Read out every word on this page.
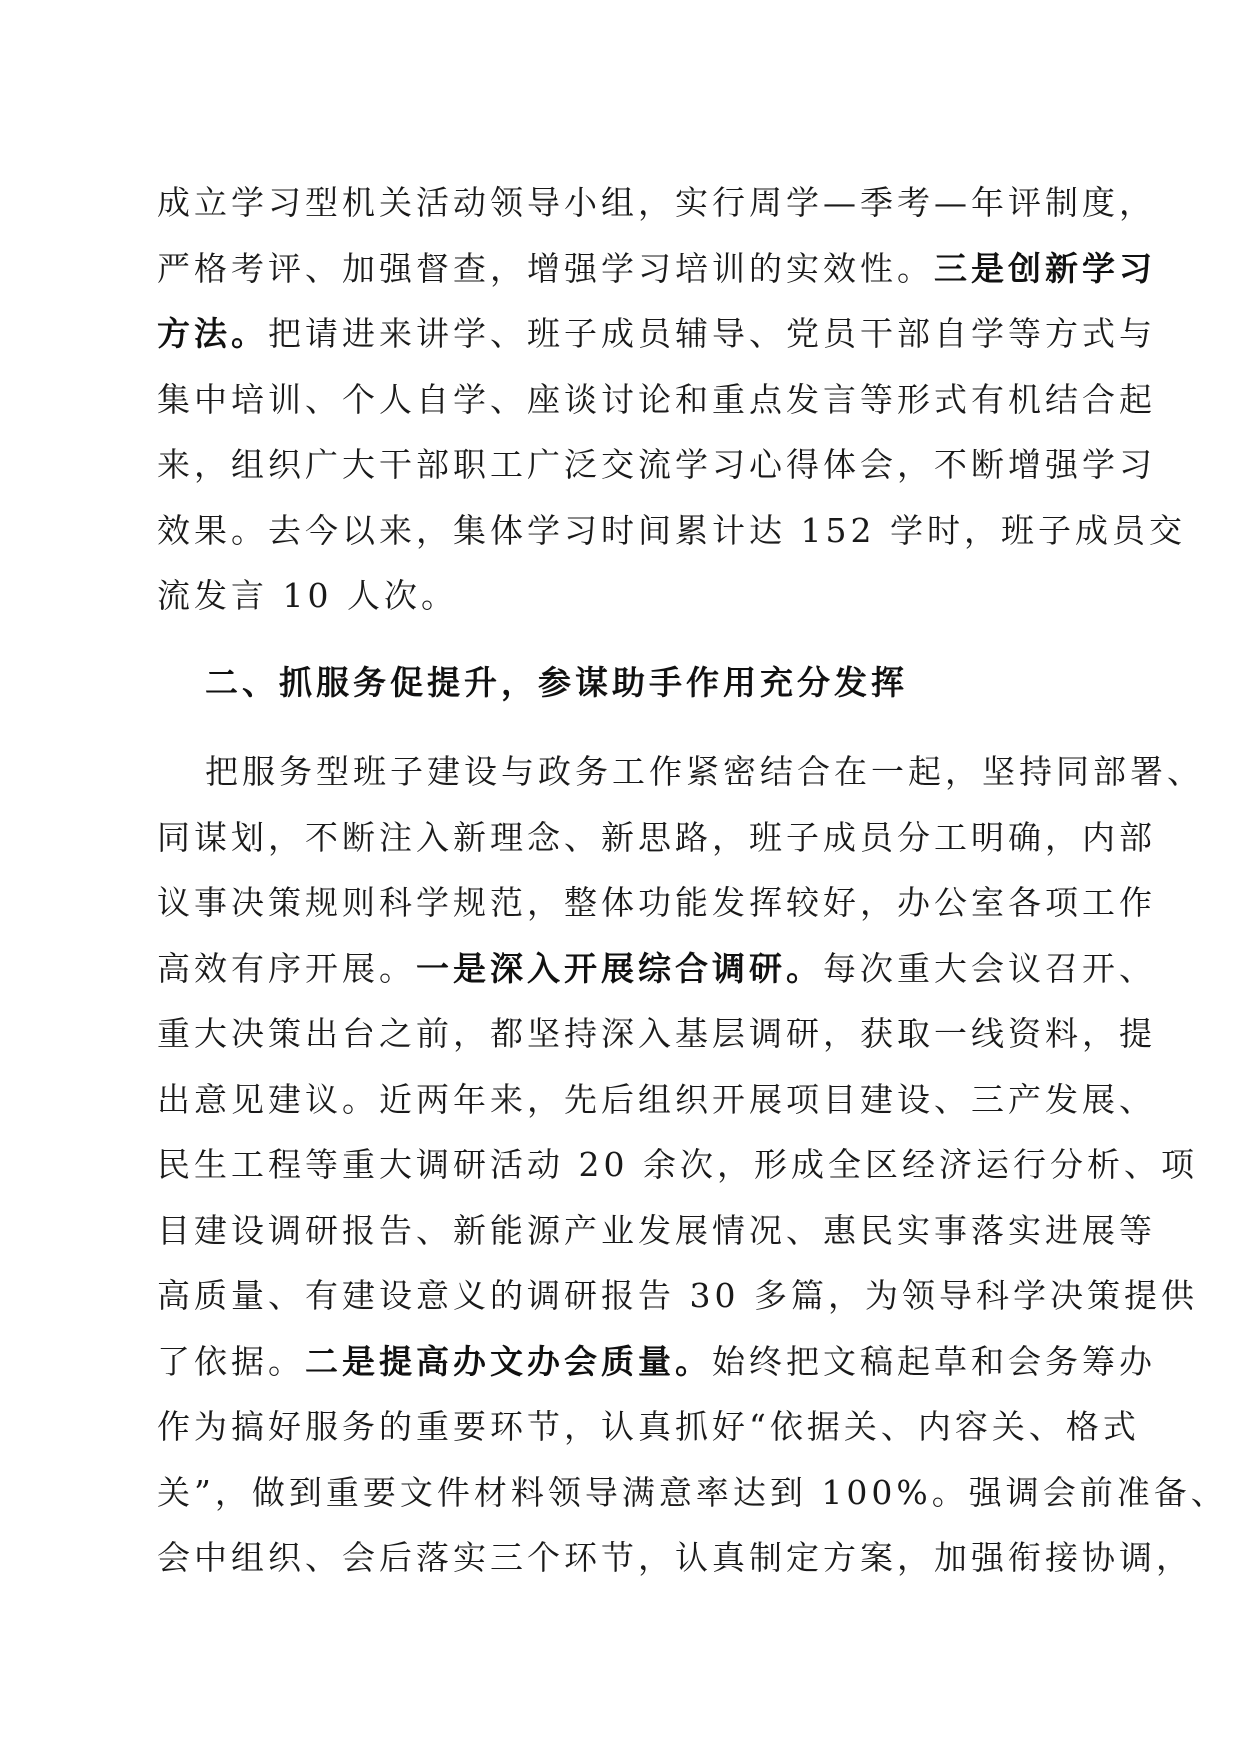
成立学习型机关活动领导小组，实行周学—季考—年评制度，
严格考评、加强督查，增强学习培训的实效性。三是创新学习
方法。把请进来讲学、班子成员辅导、党员干部自学等方式与
集中培训、个人自学、座谈讨论和重点发言等形式有机结合起
来，组织广大干部职工广泛交流学习心得体会，不断增强学习
效果。去今以来，集体学习时间累计达 152 学时，班子成员交
流发言 10 人次。
二、抓服务促提升，参谋助手作用充分发挥
把服务型班子建设与政务工作紧密结合在一起，坚持同部署、
同谋划，不断注入新理念、新思路，班子成员分工明确，内部
议事决策规则科学规范，整体功能发挥较好，办公室各项工作
高效有序开展。一是深入开展综合调研。每次重大会议召开、
重大决策出台之前，都坚持深入基层调研，获取一线资料，提
出意见建议。近两年来，先后组织开展项目建设、三产发展、
民生工程等重大调研活动 20 余次，形成全区经济运行分析、项
目建设调研报告、新能源产业发展情况、惠民实事落实进展等
高质量、有建设意义的调研报告 30 多篇，为领导科学决策提供
了依据。二是提高办文办会质量。始终把文稿起草和会务筹办
作为搞好服务的重要环节，认真抓好“依据关、内容关、格式
关”，做到重要文件材料领导满意率达到 100%。强调会前准备、
会中组织、会后落实三个环节，认真制定方案，加强衔接协调，
